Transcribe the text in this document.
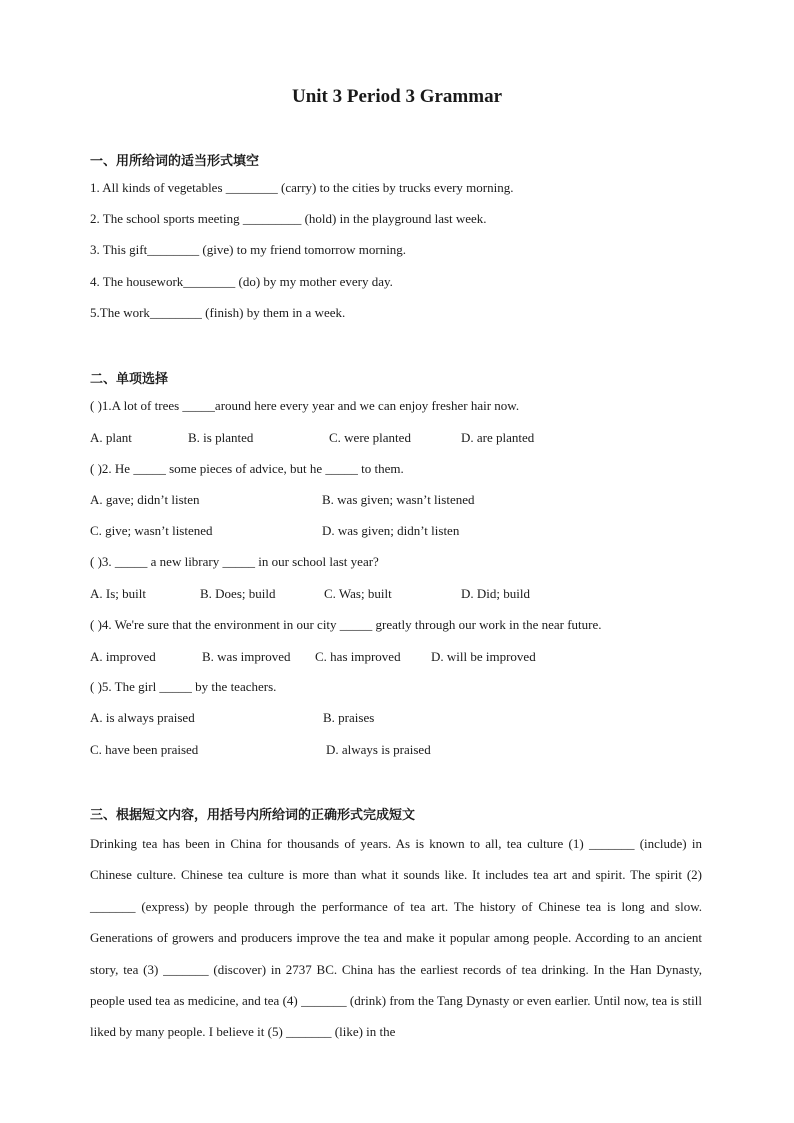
Unit 3 Period 3 Grammar
一、用所给词的适当形式填空
1. All kinds of vegetables ________ (carry) to the cities by trucks every morning.
2. The school sports meeting _________ (hold) in the playground last week.
3. This gift________ (give) to my friend tomorrow morning.
4. The housework________ (do) by my mother every day.
5.The work________ (finish) by them in a week.
二、单项选择
( )1.A lot of trees _____around here every year and we can enjoy fresher hair now.
A. plant	B. is planted	C. were planted	D. are planted
( )2. He _____ some pieces of advice, but he _____ to them.
A. gave; didn’t listen	B. was given; wasn’t listened
C. give; wasn’t listened	D. was given; didn’t listen
( )3. _____ a new library _____ in our school last year?
A. Is; built	B. Does; build	C. Was; built	D. Did; build
( )4. We're sure that the environment in our city _____ greatly through our work in the near future.
A. improved	B. was improved C. has improved D. will be improved
( )5. The girl _____ by the teachers.
A. is always praised	B. praises
C. have been praised	D. always is praised
三、根据短文内容，用括号内所给词的正确形式完成短文
Drinking tea has been in China for thousands of years. As is known to all, tea culture (1) _______ (include) in Chinese culture. Chinese tea culture is more than what it sounds like. It includes tea art and spirit. The spirit (2) _______ (express) by people through the performance of tea art. The history of Chinese tea is long and slow. Generations of growers and producers improve the tea and make it popular among people. According to an ancient story, tea (3) _______ (discover) in 2737 BC. China has the earliest records of tea drinking. In the Han Dynasty, people used tea as medicine, and tea (4) _______ (drink) from the Tang Dynasty or even earlier. Until now, tea is still liked by many people. I believe it (5) _______ (like) in the
